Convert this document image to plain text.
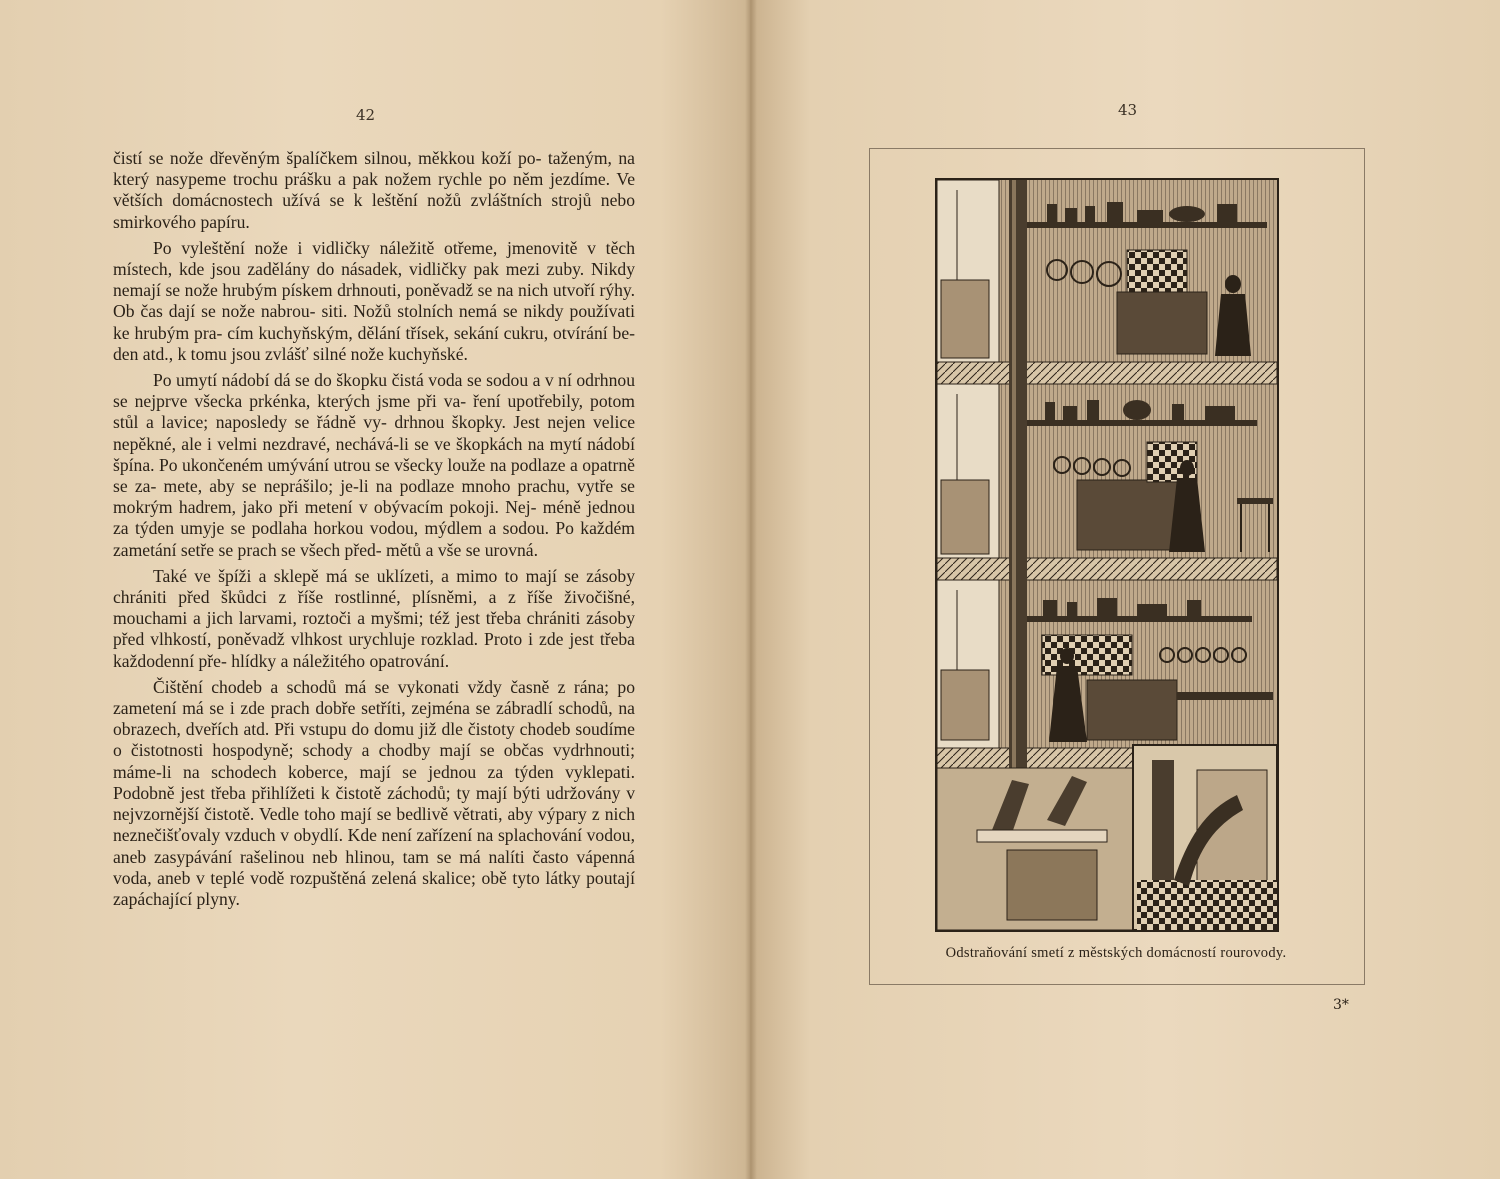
42

čistí se nože dřevěným špalíčkem silnou, měkkou koží po- taženým, na který nasypeme trochu prášku a pak nožem rychle po něm jezdíme. Ve větších domácnostech užívá se k leštění nožů zvláštních strojů nebo smirkového papíru.

Po vyleštění nože i vidličky náležitě otřeme, jmenovitě v těch místech, kde jsou zadělány do násadek, vidličky pak mezi zuby. Nikdy nemají se nože hrubým pískem drhnouti, poněvadž se na nich utvoří rýhy. Ob čas dají se nože nabrou- siti. Nožů stolních nemá se nikdy používati ke hrubým pra- cím kuchyňským, dělání třísek, sekání cukru, otvírání be- den atd., k tomu jsou zvlášť silné nože kuchyňské.

Po umytí nádobí dá se do škopku čistá voda se sodou a v ní odrhnou se nejprve všecka prkénka, kterých jsme při va- ření upotřebily, potom stůl a lavice; naposledy se řádně vy- drhnou škopky. Jest nejen velice nepěkné, ale i velmi nezdravé, nechává-li se ve škopkách na mytí nádobí špína. Po ukončeném umývání utrou se všecky louže na podlaze a opatrně se za- mete, aby se neprášilo; je-li na podlaze mnoho prachu, vytře se mokrým hadrem, jako při metení v obývacím pokoji. Nej- méně jednou za týden umyje se podlaha horkou vodou, mýdlem a sodou. Po každém zametání setře se prach se všech před- mětů a vše se urovná.

Také ve špíži a sklepě má se uklízeti, a mimo to mají se zásoby chrániti před škůdci z říše rostlinné, plísněmi, a z říše živočišné, mouchami a jich larvami, roztoči a myšmi; též jest třeba chrániti zásoby před vlhkostí, poněvadž vlhkost urychluje rozklad. Proto i zde jest třeba každodenní pře- hlídky a náležitého opatrování.

Čištění chodeb a schodů má se vykonati vždy časně z rána; po zametení má se i zde prach dobře setříti, zejména se zábradlí schodů, na obrazech, dveřích atd. Při vstupu do domu již dle čistoty chodeb soudíme o čistotnosti hospodyně; schody a chodby mají se občas vydrhnouti; máme-li na schodech koberce, mají se jednou za týden vyklepati. Podobně jest třeba přihlížeti k čistotě záchodů; ty mají býti udržovány v nejvzornější čistotě. Vedle toho mají se bedlivě větrati, aby výpary z nich neznečišťovaly vzduch v obydlí. Kde není zařízení na splachování vodou, aneb zasypávání rašelinou neb hlinou, tam se má nalíti často vápenná voda, aneb v teplé vodě rozpuštěná zelená skalice; obě tyto látky poutají zapáchající plyny.

43
Odstraňování smetí z městských domácností rourovody.
3*
